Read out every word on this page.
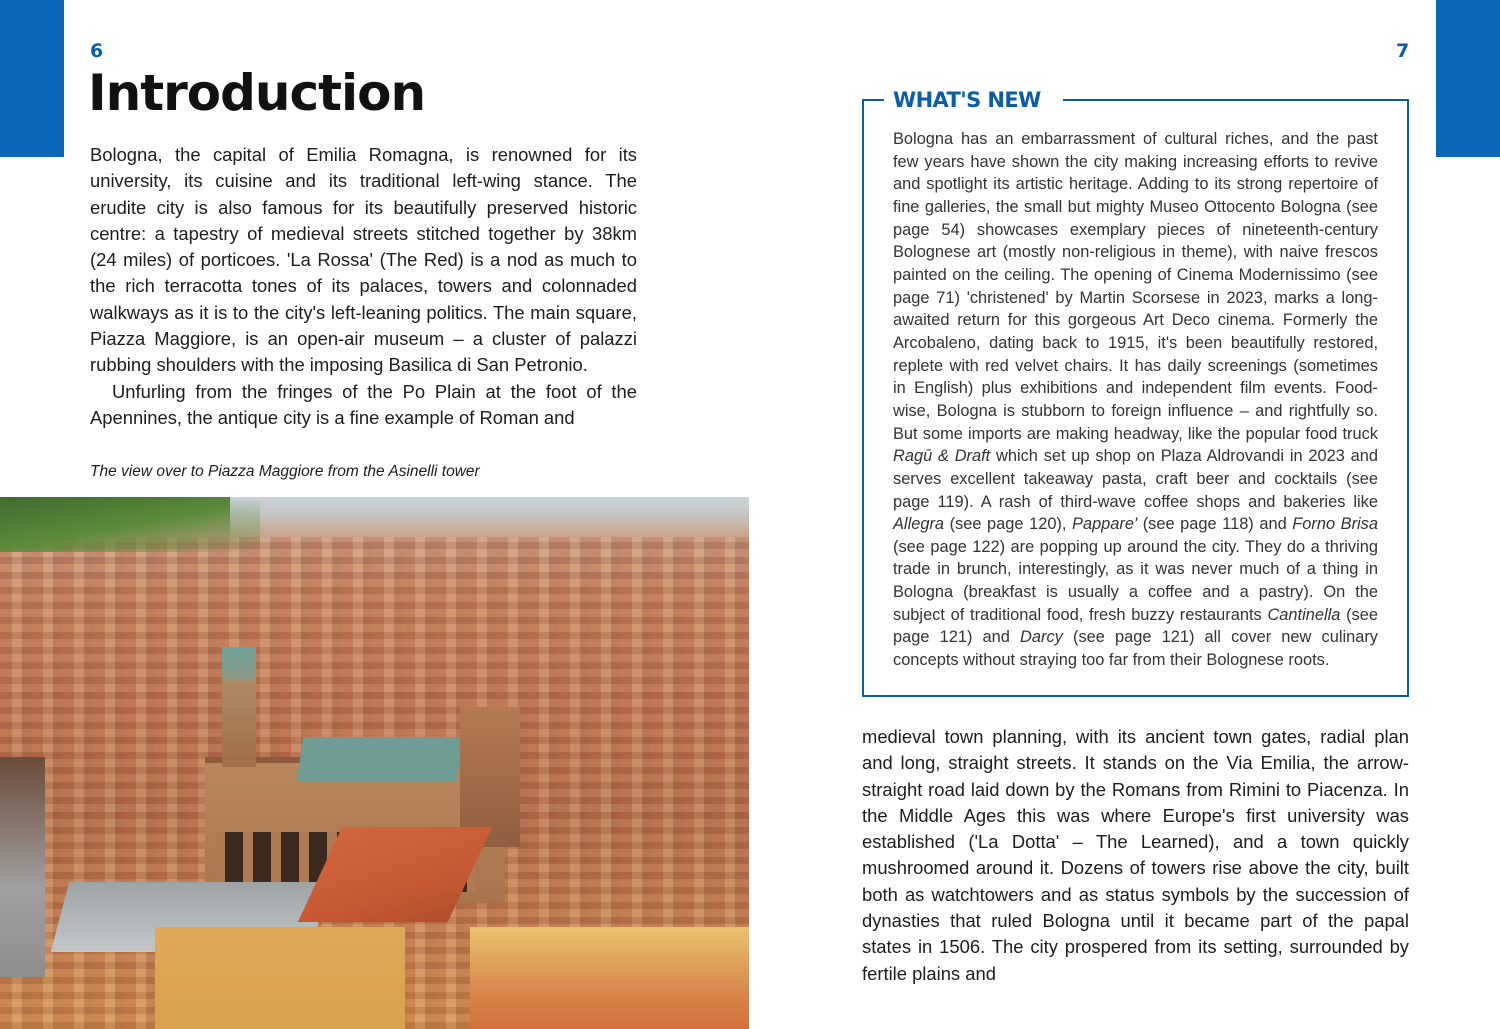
6
Introduction

Bologna, the capital of Emilia Romagna, is renowned for its university, its cuisine and its traditional left-wing stance. The erudite city is also famous for its beautifully preserved historic centre: a tapestry of medieval streets stitched together by 38km (24 miles) of porticoes. 'La Rossa' (The Red) is a nod as much to the rich terracotta tones of its palaces, towers and colonnaded walkways as it is to the city's left-leaning politics. The main square, Piazza Maggiore, is an open-air museum – a cluster of palazzi rubbing shoulders with the imposing Basilica di San Petronio.

Unfurling from the fringes of the Po Plain at the foot of the Apennines, the antique city is a fine example of Roman and

The view over to Piazza Maggiore from the Asinelli tower
7
WHAT'S NEW

Bologna has an embarrassment of cultural riches, and the past few years have shown the city making increasing efforts to revive and spotlight its artistic heritage. Adding to its strong repertoire of fine galleries, the small but mighty Museo Ottocento Bologna (see page 54) showcases exemplary pieces of nineteenth-century Bolognese art (mostly non-religious in theme), with naive frescos painted on the ceiling. The opening of Cinema Modernissimo (see page 71) 'christened' by Martin Scorsese in 2023, marks a long-awaited return for this gorgeous Art Deco cinema. Formerly the Arcobaleno, dating back to 1915, it's been beautifully restored, replete with red velvet chairs. It has daily screenings (sometimes in English) plus exhibitions and independent film events. Food-wise, Bologna is stubborn to foreign influence – and rightfully so. But some imports are making headway, like the popular food truck Ragū & Draft which set up shop on Plaza Aldrovandi in 2023 and serves excellent takeaway pasta, craft beer and cocktails (see page 119). A rash of third-wave coffee shops and bakeries like Allegra (see page 120), Pappare' (see page 118) and Forno Brisa (see page 122) are popping up around the city. They do a thriving trade in brunch, interestingly, as it was never much of a thing in Bologna (breakfast is usually a coffee and a pastry). On the subject of traditional food, fresh buzzy restaurants Cantinella (see page 121) and Darcy (see page 121) all cover new culinary concepts without straying too far from their Bolognese roots.

medieval town planning, with its ancient town gates, radial plan and long, straight streets. It stands on the Via Emilia, the arrow-straight road laid down by the Romans from Rimini to Piacenza. In the Middle Ages this was where Europe's first university was established ('La Dotta' – The Learned), and a town quickly mushroomed around it. Dozens of towers rise above the city, built both as watchtowers and as status symbols by the succession of dynasties that ruled Bologna until it became part of the papal states in 1506. The city prospered from its setting, surrounded by fertile plains and
